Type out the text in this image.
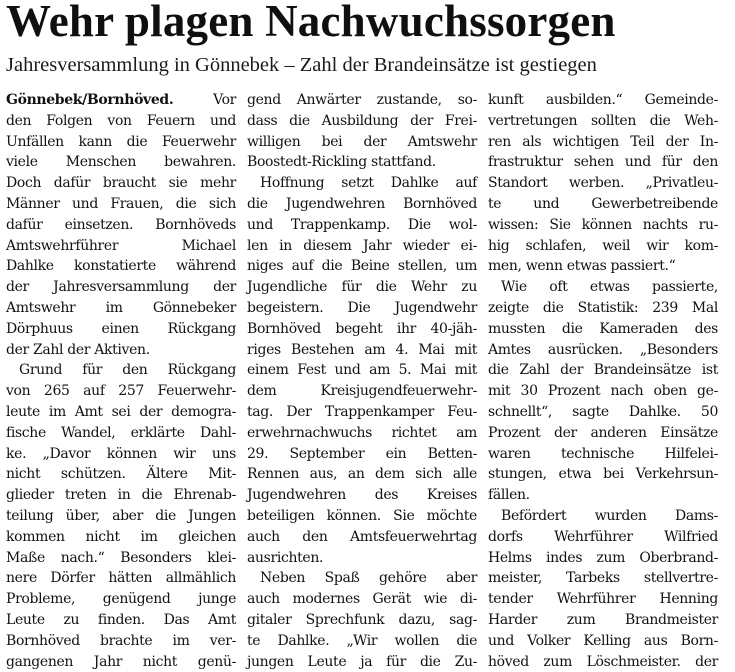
Wehr plagen Nachwuchssorgen
Jahresversammlung in Gönnebek – Zahl der Brandeinsätze ist gestiegen
Gönnebek/Bornhöved.	Vor
den Folgen von Feuern und
Unfällen kann die Feuerwehr
viele Menschen bewahren.
Doch dafür braucht sie mehr
Männer und Frauen, die sich
dafür einsetzen. Bornhöveds
Amtswehrführer Michael
Dahlke konstatierte während
der Jahresversammlung der
Amtswehr im Gönnebeker
Dörphuus einen Rückgang
der Zahl der Aktiven.
Grund für den Rückgang
von 265 auf 257 Feuerwehr-
leute im Amt sei der demogra-
fische Wandel, erklärte Dahl-
ke. „Davor können wir uns
nicht schützen. Ältere Mit-
glieder treten in die Ehrenab-
teilung über, aber die Jungen
kommen nicht im gleichen
Maße nach.“ Besonders klei-
nere Dörfer hätten allmählich
Probleme, genügend junge
Leute zu finden. Das Amt
Bornhöved brachte im ver-
gangenen Jahr nicht genü-
gend Anwärter zustande, so-
dass die Ausbildung der Frei-
willigen bei der Amtswehr
Boostedt-Rickling stattfand.
Hoffnung setzt Dahlke auf
die Jugendwehren Bornhöved
und Trappenkamp. Die wol-
len in diesem Jahr wieder ei-
niges auf die Beine stellen, um
Jugendliche für die Wehr zu
begeistern. Die Jugendwehr
Bornhöved begeht ihr 40-jäh-
riges Bestehen am 4. Mai mit
einem Fest und am 5. Mai mit
dem Kreisjugendfeuerwehr-
tag. Der Trappenkamper Feu-
erwehrnachwuchs richtet am
29. September ein Betten-
Rennen aus, an dem sich alle
Jugendwehren des Kreises
beteiligen können. Sie möchte
auch den Amtsfeuerwehrtag
ausrichten.
Neben Spaß gehöre aber
auch modernes Gerät wie di-
gitaler Sprechfunk dazu, sag-
te Dahlke. „Wir wollen die
jungen Leute ja für die Zu-
kunft ausbilden.“ Gemeinde-
vertretungen sollten die Weh-
ren als wichtigen Teil der In-
frastruktur sehen und für den
Standort werben. „Privatleu-
te und Gewerbetreibende
wissen: Sie können nachts ru-
hig schlafen, weil wir kom-
men, wenn etwas passiert.“
Wie oft etwas passierte,
zeigte die Statistik: 239 Mal
mussten die Kameraden des
Amtes ausrücken. „Besonders
die Zahl der Brandeinsätze ist
mit 30 Prozent nach oben ge-
schnellt“, sagte Dahlke. 50
Prozent der anderen Einsätze
waren technische Hilfelei-
stungen, etwa bei Verkehrsun-
fällen.
Befördert wurden Dams-
dorfs Wehrführer Wilfried
Helms indes zum Oberbrand-
meister, Tarbeks stellvertre-
tender Wehrführer Henning
Harder zum Brandmeister
und Volker Kelling aus Born-
höved zum Löschmeister. der
